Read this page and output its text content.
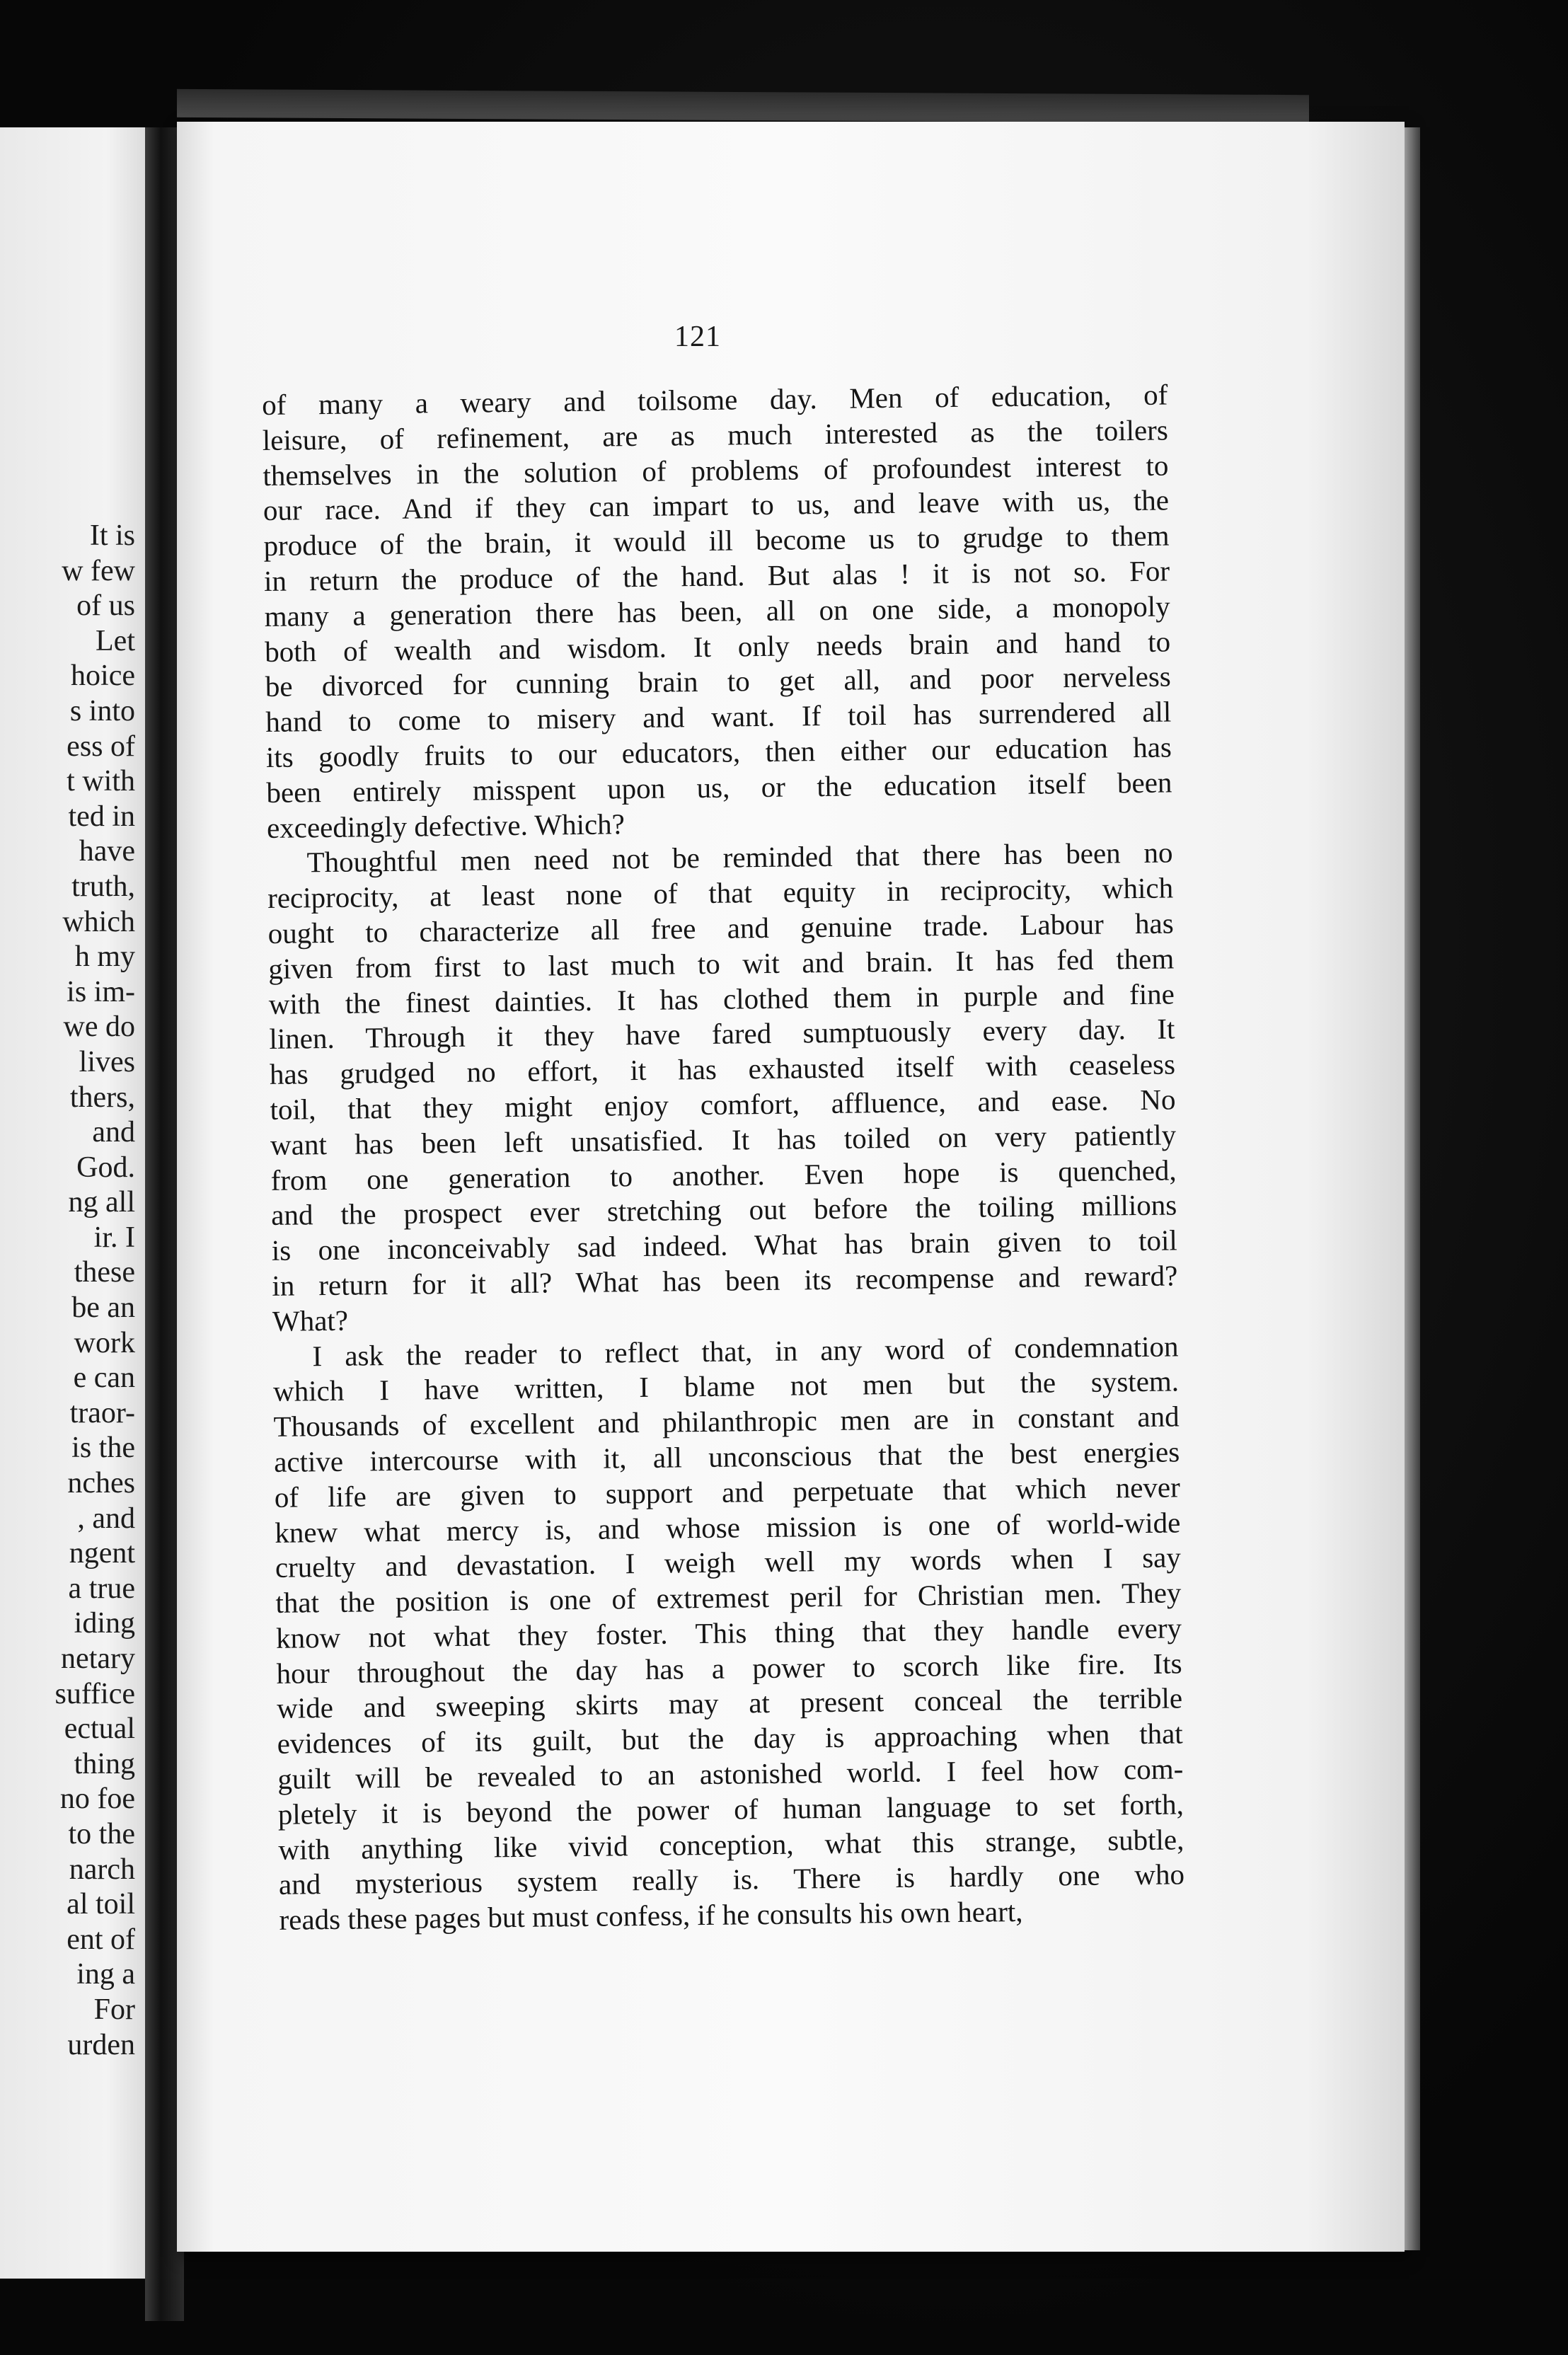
It is
w few
of us
Let
hoice
s into
ess of
t with
ted in
have
truth,
which
h my
is im-
we do
lives
thers,
and
God.
ng all
ir. I
these
be an
work
e can
traor-
is the
nches
, and
ngent
a true
iding
netary
suffice
ectual
thing
no foe
to the
narch
al toil
ent of
ing a
For
urden
121
of many a weary and toilsome day. Men of education, of
leisure, of refinement, are as much interested as the toilers
themselves in the solution of problems of profoundest interest to
our race. And if they can impart to us, and leave with us, the
produce of the brain, it would ill become us to grudge to them
in return the produce of the hand. But alas ! it is not so. For
many a generation there has been, all on one side, a monopoly
both of wealth and wisdom. It only needs brain and hand to
be divorced for cunning brain to get all, and poor nerveless
hand to come to misery and want. If toil has surrendered all
its goodly fruits to our educators, then either our education has
been entirely misspent upon us, or the education itself been
exceedingly defective. Which?
Thoughtful men need not be reminded that there has been no
reciprocity, at least none of that equity in reciprocity, which
ought to characterize all free and genuine trade. Labour has
given from first to last much to wit and brain. It has fed them
with the finest dainties. It has clothed them in purple and fine
linen. Through it they have fared sumptuously every day. It
has grudged no effort, it has exhausted itself with ceaseless
toil, that they might enjoy comfort, affluence, and ease. No
want has been left unsatisfied. It has toiled on very patiently
from one generation to another. Even hope is quenched,
and the prospect ever stretching out before the toiling millions
is one inconceivably sad indeed. What has brain given to toil
in return for it all? What has been its recompense and reward?
What?
I ask the reader to reflect that, in any word of condemnation
which I have written, I blame not men but the system.
Thousands of excellent and philanthropic men are in constant and
active intercourse with it, all unconscious that the best energies
of life are given to support and perpetuate that which never
knew what mercy is, and whose mission is one of world-wide
cruelty and devastation. I weigh well my words when I say
that the position is one of extremest peril for Christian men. They
know not what they foster. This thing that they handle every
hour throughout the day has a power to scorch like fire. Its
wide and sweeping skirts may at present conceal the terrible
evidences of its guilt, but the day is approaching when that
guilt will be revealed to an astonished world. I feel how com-
pletely it is beyond the power of human language to set forth,
with anything like vivid conception, what this strange, subtle,
and mysterious system really is. There is hardly one who
reads these pages but must confess, if he consults his own heart,
